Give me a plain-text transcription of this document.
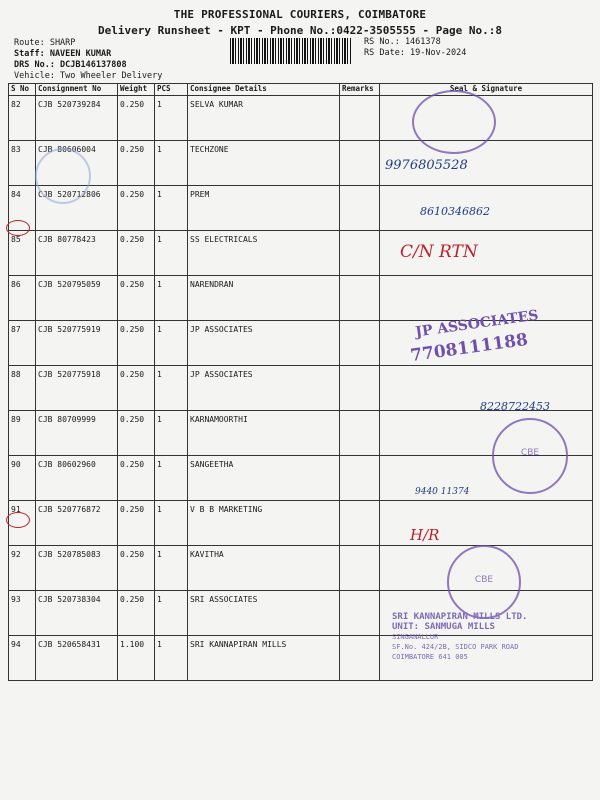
THE PROFESSIONAL COURIERS, COIMBATORE
Delivery Runsheet - KPT - Phone No.:0422-3505555 - Page No.:8
Route: SHARP
Staff: NAVEEN KUMAR
DRS No.: DCJB146137808
Vehicle: Two Wheeler Delivery
RS No.: 1461378
RS Date: 19-Nov-2024
S No	Consignment No	Weight	PCS	Consignee Details	Remarks	Seal & Signature
82	CJB 520739284	0.250	1	SELVA KUMAR		
83	CJB 80606004	0.250	1	TECHZONE		
84	CJB 520712806	0.250	1	PREM		
85	CJB 80778423	0.250	1	SS ELECTRICALS		
86	CJB 520795059	0.250	1	NARENDRAN		
87	CJB 520775919	0.250	1	JP ASSOCIATES		
88	CJB 520775918	0.250	1	JP ASSOCIATES		
89	CJB 80709999	0.250	1	KARNAMOORTHI		
90	CJB 80602960	0.250	1	SANGEETHA		
91	CJB 520776872	0.250	1	V B B MARKETING		
92	CJB 520785083	0.250	1	KAVITHA		
93	CJB 520738304	0.250	1	SRI ASSOCIATES		
94	CJB 520658431	1.100	1	SRI KANNAPIRAN MILLS		
9976805528
8610346862
C/N RTN
JP ASSOCIATES
7708111188
8228722453
CBE
9440 11374
H/R
CBE
SRI KANNAPIRAN MILLS LTD.
UNIT: SANMUGA MILLS
SINGANALLUR
SF.No. 424/2B, SIDCO PARK ROAD
COIMBATORE 641 005
